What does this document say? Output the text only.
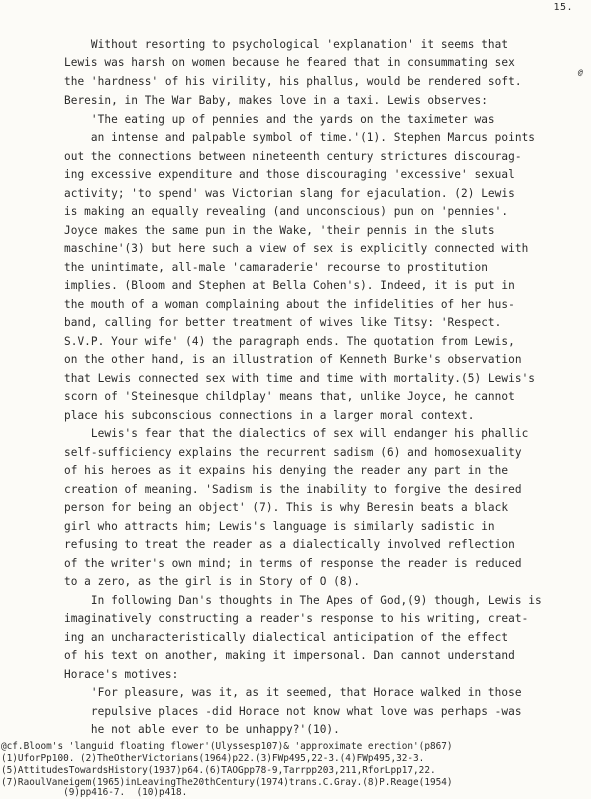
15.
Without resorting to psychological 'explanation' it seems that
Lewis was harsh on women because he feared that in consummating sex
the 'hardness' of his virility, his phallus, would be rendered soft.
@
Beresin, in The War Baby, makes love in a taxi. Lewis observes:
'The eating up of pennies and the yards on the taximeter was
an intense and palpable symbol of time.'(1). Stephen Marcus points
out the connections between nineteenth century strictures discourag-
ing excessive expenditure and those discouraging 'excessive' sexual
activity; 'to spend' was Victorian slang for ejaculation. (2) Lewis
is making an equally revealing (and unconscious) pun on 'pennies'.
Joyce makes the same pun in the Wake, 'their pennis in the sluts
maschine'(3) but here such a view of sex is explicitly connected with
the unintimate, all-male 'camaraderie' recourse to prostitution
implies. (Bloom and Stephen at Bella Cohen's). Indeed, it is put in
the mouth of a woman complaining about the infidelities of her hus-
band, calling for better treatment of wives like Titsy: 'Respect.
S.V.P. Your wife' (4) the paragraph ends. The quotation from Lewis,
on the other hand, is an illustration of Kenneth Burke's observation
that Lewis connected sex with time and time with mortality.(5) Lewis's
scorn of 'Steinesque childplay' means that, unlike Joyce, he cannot
place his subconscious connections in a larger moral context.
Lewis's fear that the dialectics of sex will endanger his phallic
self-sufficiency explains the recurrent sadism (6) and homosexuality
of his heroes as it expains his denying the reader any part in the
creation of meaning. 'Sadism is the inability to forgive the desired
person for being an object' (7). This is why Beresin beats a black
girl who attracts him; Lewis's language is similarly sadistic in
refusing to treat the reader as a dialectically involved reflection
of the writer's own mind; in terms of response the reader is reduced
to a zero, as the girl is in Story of O (8).
In following Dan's thoughts in The Apes of God,(9) though, Lewis is
imaginatively constructing a reader's response to his writing, creat-
ing an uncharacteristically dialectical anticipation of the effect
of his text on another, making it impersonal. Dan cannot understand
Horace's motives:
'For pleasure, was it, as it seemed, that Horace walked in those
repulsive places -did Horace not know what love was perhaps -was
he not able ever to be unhappy?'(10).
@cf.Bloom's 'languid floating flower'(Ulyssesp107)& 'approximate erection'(p867)
(1)UforPp100. (2)TheOtherVictorians(1964)p22.(3)FWp495,22-3.(4)FWp495,32-3.
(5)AttitudesTowardsHistory(1937)p64.(6)TAOGpp78-9,Tarrpp203,211,RforLpp17,22.
(7)RaoulVaneigem(1965)inLeavingThe20thCentury(1974)trans.C.Gray.(8)P.Reage(1954)
(9)pp416-7.  (10)p418.
